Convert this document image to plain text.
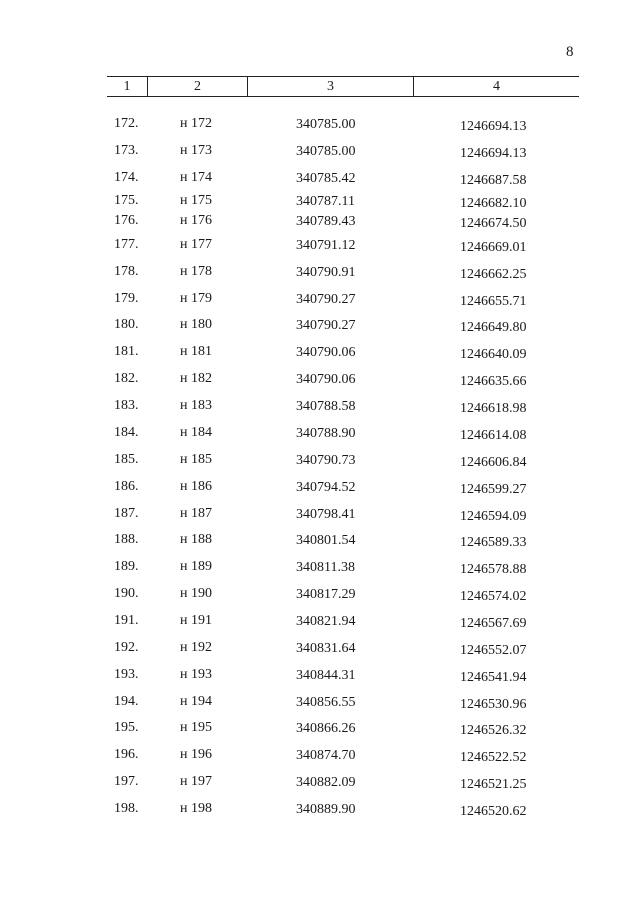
8
1	2	3	4
172.	н 172	340785.00	1246694.13
173.	н 173	340785.00	1246694.13
174.	н 174	340785.42	1246687.58
175.	н 175	340787.11	1246682.10
176.	н 176	340789.43	1246674.50
177.	н 177	340791.12	1246669.01
178.	н 178	340790.91	1246662.25
179.	н 179	340790.27	1246655.71
180.	н 180	340790.27	1246649.80
181.	н 181	340790.06	1246640.09
182.	н 182	340790.06	1246635.66
183.	н 183	340788.58	1246618.98
184.	н 184	340788.90	1246614.08
185.	н 185	340790.73	1246606.84
186.	н 186	340794.52	1246599.27
187.	н 187	340798.41	1246594.09
188.	н 188	340801.54	1246589.33
189.	н 189	340811.38	1246578.88
190.	н 190	340817.29	1246574.02
191.	н 191	340821.94	1246567.69
192.	н 192	340831.64	1246552.07
193.	н 193	340844.31	1246541.94
194.	н 194	340856.55	1246530.96
195.	н 195	340866.26	1246526.32
196.	н 196	340874.70	1246522.52
197.	н 197	340882.09	1246521.25
198.	н 198	340889.90	1246520.62
